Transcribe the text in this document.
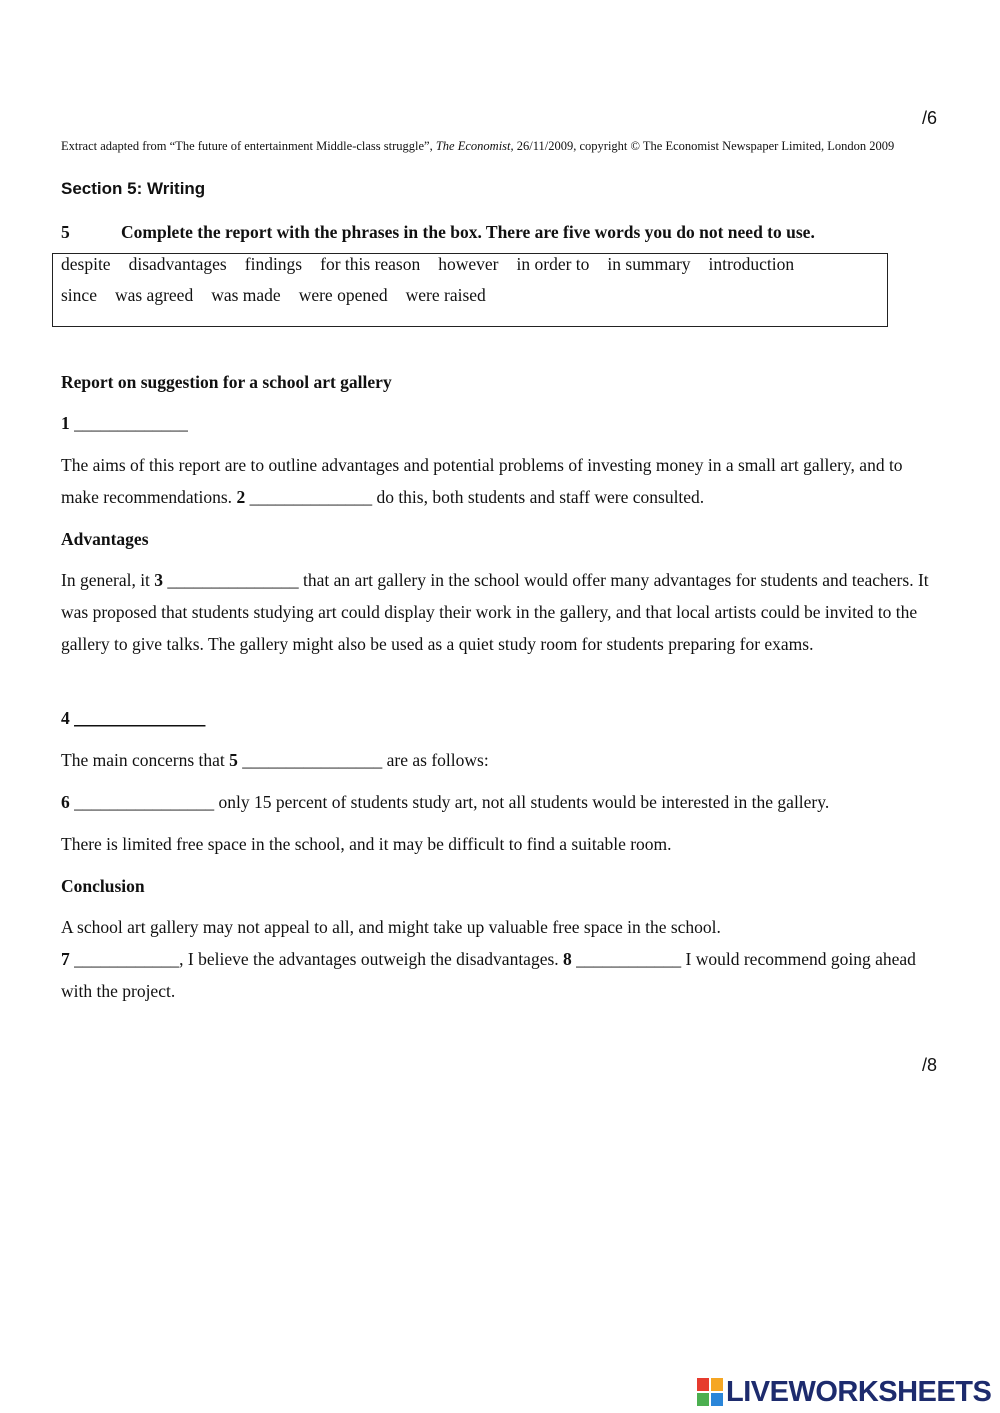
/6
Extract adapted from “The future of entertainment Middle-class struggle”, The Economist, 26/11/2009, copyright © The Economist Newspaper Limited, London 2009
Section 5: Writing
5	Complete the report with the phrases in the box. There are five words you do not need to use.
despite disadvantages findings for this reason however in order to in summary introduction
since was agreed was made were opened were raised
Report on suggestion for a school art gallery
1 _____________
The aims of this report are to outline advantages and potential problems of investing money in a small art gallery, and to make recommendations. 2 ______________ do this, both students and staff were consulted.
Advantages
In general, it 3 _______________ that an art gallery in the school would offer many advantages for students and teachers. It was proposed that students studying art could display their work in the gallery, and that local artists could be invited to the gallery to give talks. The gallery might also be used as a quiet study room for students preparing for exams.
4 _______________
The main concerns that 5 ________________ are as follows:
6 ________________ only 15 percent of students study art, not all students would be interested in the gallery.
There is limited free space in the school, and it may be difficult to find a suitable room.
Conclusion
A school art gallery may not appeal to all, and might take up valuable free space in the school.
7 ____________, I believe the advantages outweigh the disadvantages. 8 ____________ I would recommend going ahead with the project.
/8
LIVEWORKSHEETS
